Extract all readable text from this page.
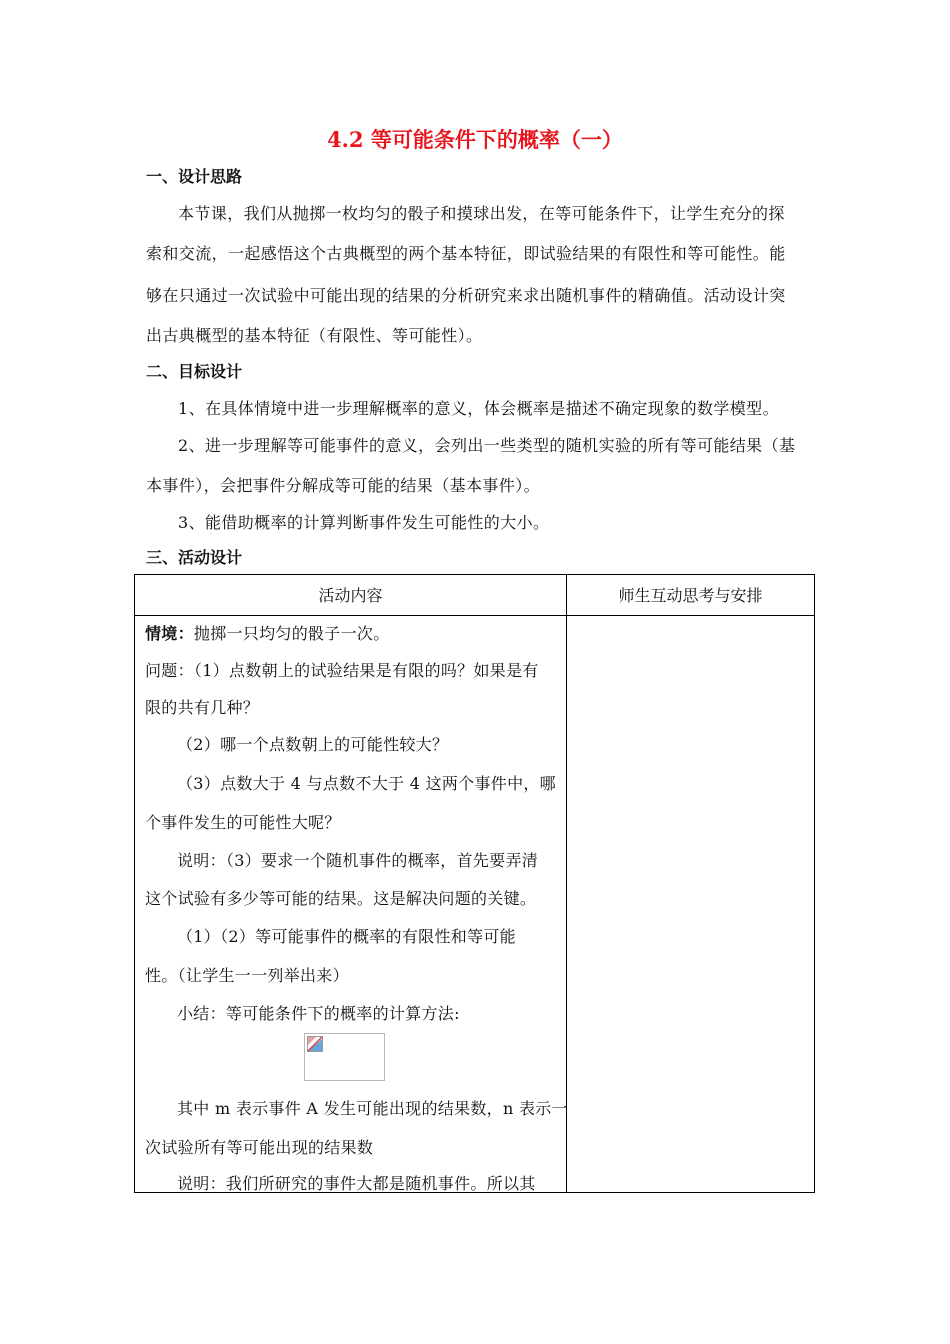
4.2 等可能条件下的概率（一）
一、设计思路
本节课，我们从抛掷一枚均匀的骰子和摸球出发，在等可能条件下，让学生充分的探
索和交流，一起感悟这个古典概型的两个基本特征，即试验结果的有限性和等可能性。能
够在只通过一次试验中可能出现的结果的分析研究来求出随机事件的精确值。活动设计突
出古典概型的基本特征（有限性、等可能性）。
二、目标设计
1、在具体情境中进一步理解概率的意义，体会概率是描述不确定现象的数学模型。
2、进一步理解等可能事件的意义，会列出一些类型的随机实验的所有等可能结果（基
本事件），会把事件分解成等可能的结果（基本事件）。
3、能借助概率的计算判断事件发生可能性的大小。
三、活动设计
活动内容	师生互动思考与安排
情境：抛掷一只均匀的骰子一次。
问题：（1）点数朝上的试验结果是有限的吗？如果是有
限的共有几种？
（2）哪一个点数朝上的可能性较大？
（3）点数大于 4 与点数不大于 4 这两个事件中，哪
个事件发生的可能性大呢？
说明：（3）要求一个随机事件的概率，首先要弄清
这个试验有多少等可能的结果。这是解决问题的关键。
（1）（2）等可能事件的概率的有限性和等可能
性。（让学生一一列举出来）
小结：等可能条件下的概率的计算方法:
其中 m 表示事件 A 发生可能出现的结果数，n 表示一
次试验所有等可能出现的结果数
说明：我们所研究的事件大都是随机事件。所以其
